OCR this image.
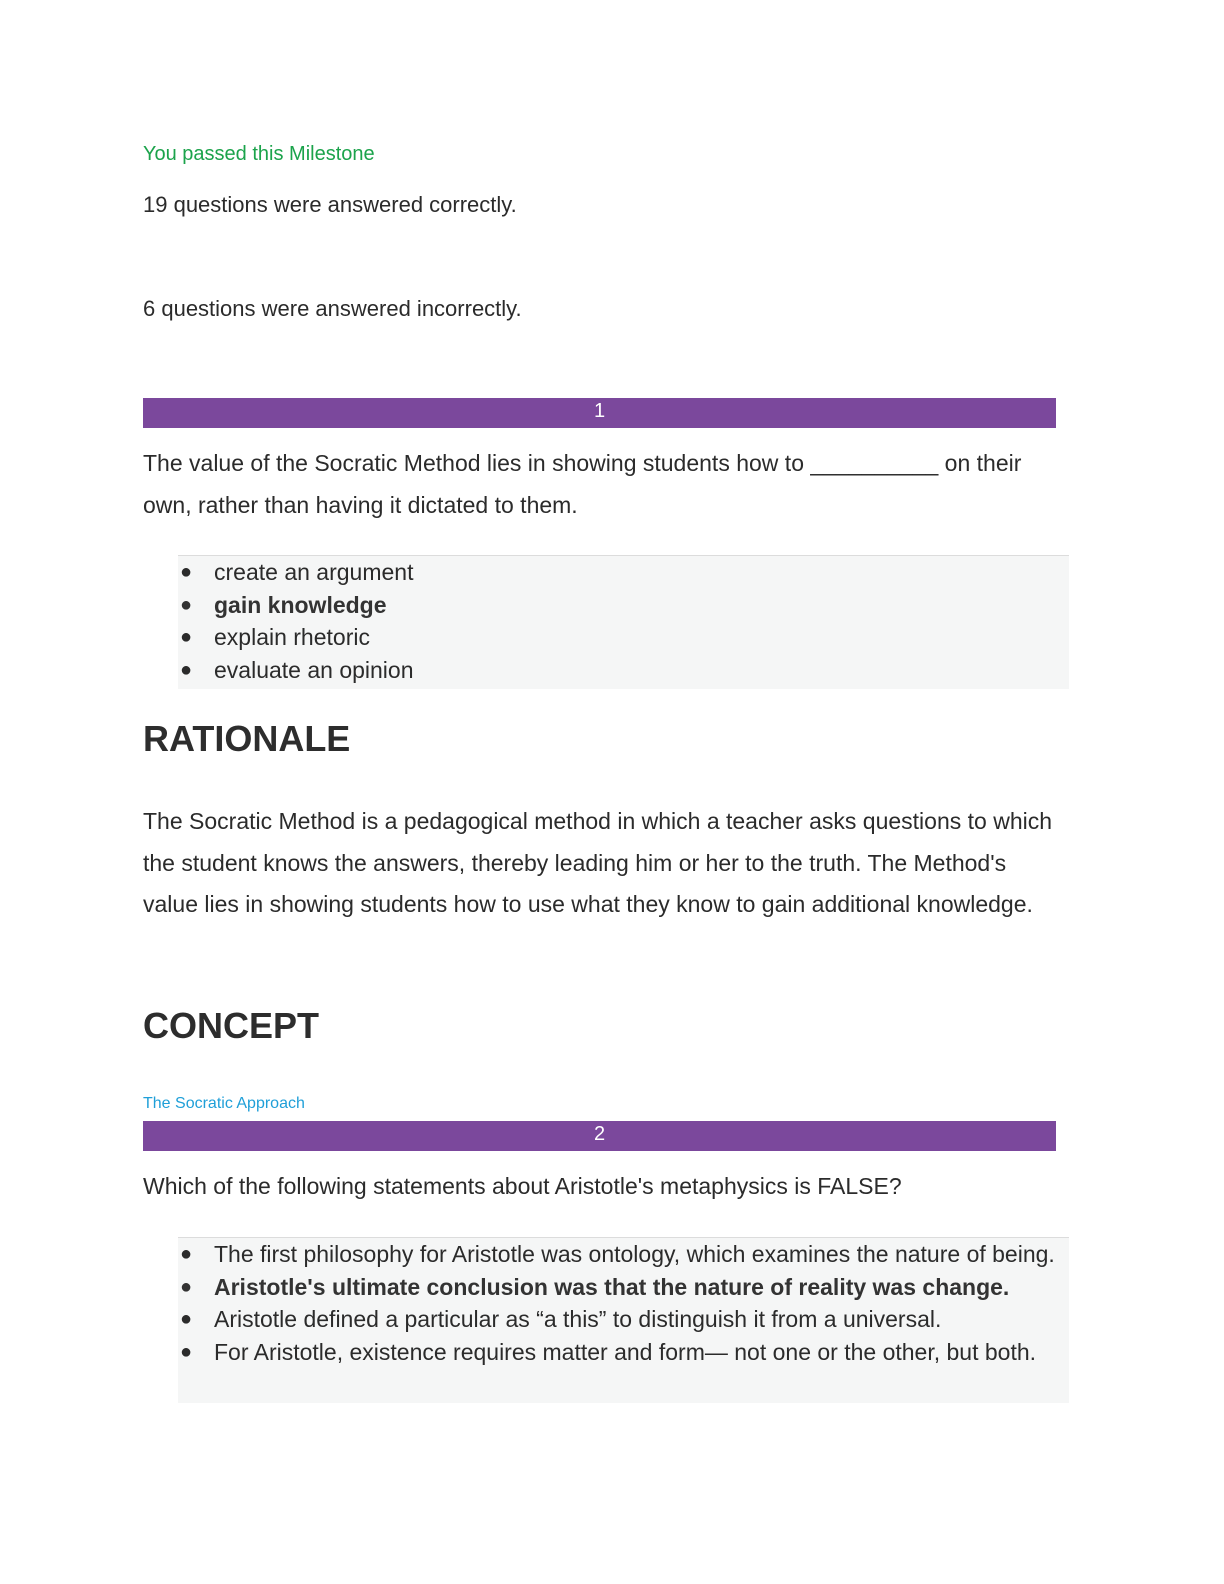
You passed this Milestone
19 questions were answered correctly.
6 questions were answered incorrectly.
1
The value of the Socratic Method lies in showing students how to __________ on their own, rather than having it dictated to them.
● create an argument
● gain knowledge
● explain rhetoric
● evaluate an opinion
RATIONALE
The Socratic Method is a pedagogical method in which a teacher asks questions to which the student knows the answers, thereby leading him or her to the truth. The Method's value lies in showing students how to use what they know to gain additional knowledge.
CONCEPT
The Socratic Approach
2
Which of the following statements about Aristotle's metaphysics is FALSE?
● The first philosophy for Aristotle was ontology, which examines the nature of being.
● Aristotle's ultimate conclusion was that the nature of reality was change.
● Aristotle defined a particular as “a this” to distinguish it from a universal.
● For Aristotle, existence requires matter and form— not one or the other, but both.
